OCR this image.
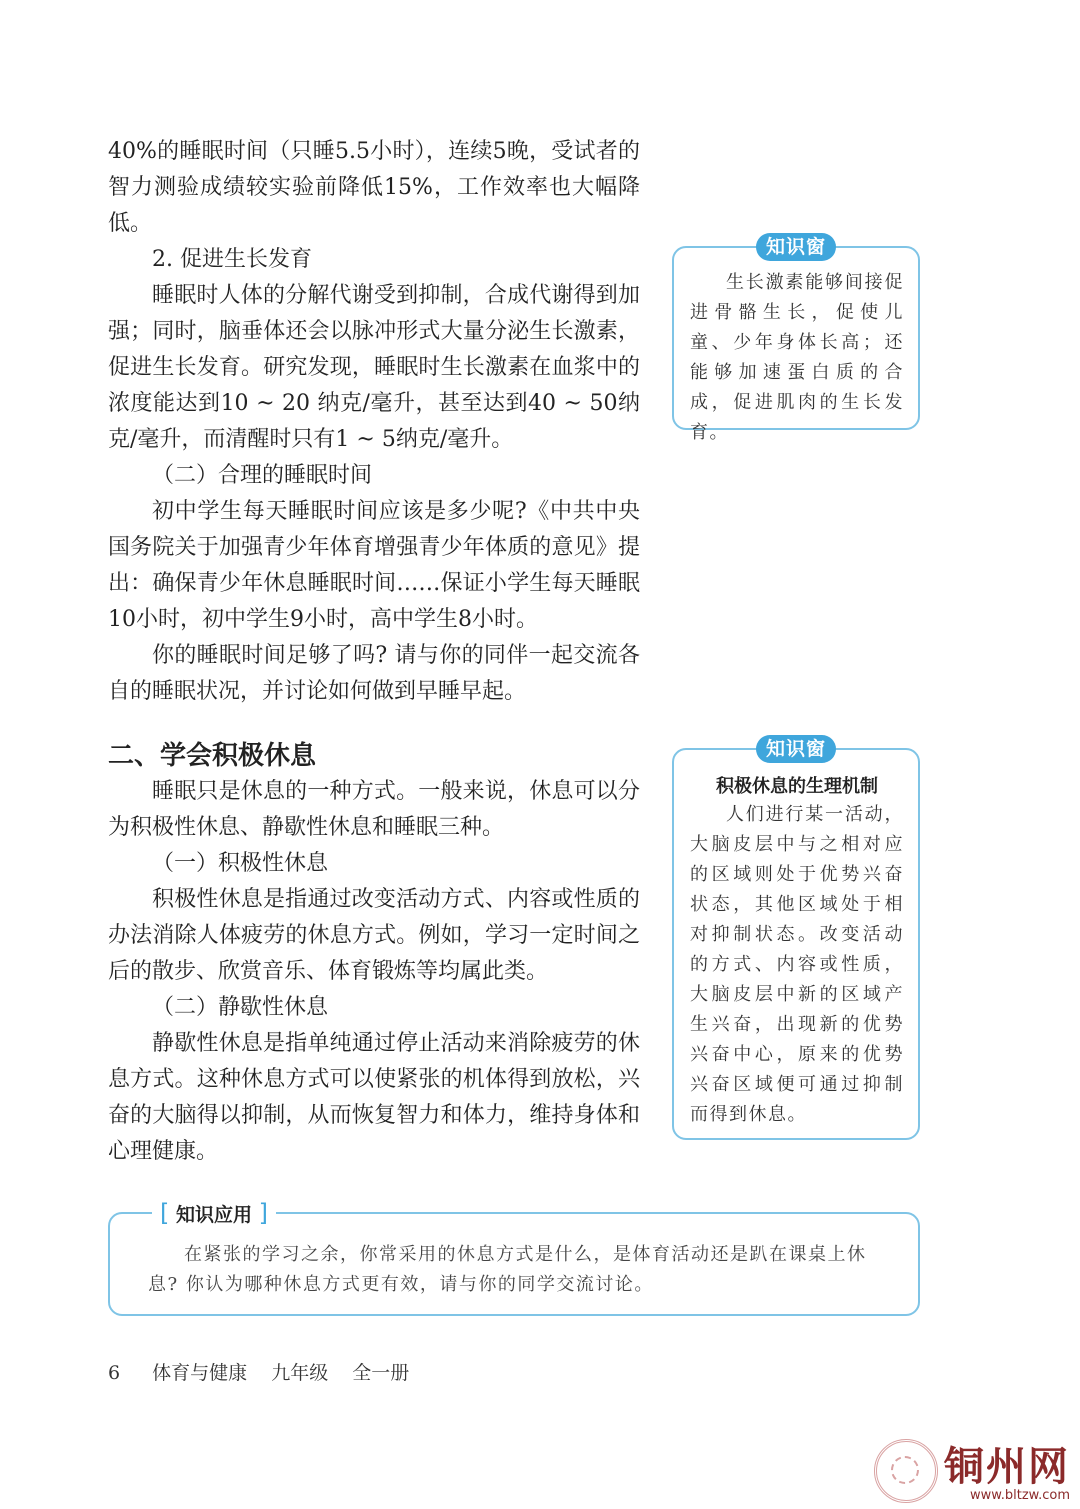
40%的睡眠时间（只睡5.5小时），连续5晚，受试者的智力测验成绩较实验前降低15%，工作效率也大幅降低。

2. 促进生长发育

睡眠时人体的分解代谢受到抑制，合成代谢得到加强；同时，脑垂体还会以脉冲形式大量分泌生长激素，促进生长发育。研究发现，睡眠时生长激素在血浆中的浓度能达到10 ~ 20 纳克/毫升，甚至达到40 ~ 50纳克/毫升，而清醒时只有1 ~ 5纳克/毫升。

（二）合理的睡眠时间

初中学生每天睡眠时间应该是多少呢?《中共中央国务院关于加强青少年体育增强青少年体质的意见》提出：确保青少年休息睡眠时间……保证小学生每天睡眠10小时，初中学生9小时，高中学生8小时。

你的睡眠时间足够了吗? 请与你的同伴一起交流各自的睡眠状况，并讨论如何做到早睡早起。

二、学会积极休息

睡眠只是休息的一种方式。一般来说，休息可以分为积极性休息、静歇性休息和睡眠三种。

（一）积极性休息

积极性休息是指通过改变活动方式、内容或性质的办法消除人体疲劳的休息方式。例如，学习一定时间之后的散步、欣赏音乐、体育锻炼等均属此类。

（二）静歇性休息

静歇性休息是指单纯通过停止活动来消除疲劳的休息方式。这种休息方式可以使紧张的机体得到放松，兴奋的大脑得以抑制，从而恢复智力和体力，维持身体和心理健康。

知识窗

生长激素能够间接促进骨骼生长，促使儿童、少年身体长高；还能够加速蛋白质的合成，促进肌肉的生长发育。

知识窗

积极休息的生理机制

人们进行某一活动，大脑皮层中与之相对应的区域则处于优势兴奋状态，其他区域处于相对抑制状态。改变活动的方式、内容或性质，大脑皮层中新的区域产生兴奋，出现新的优势兴奋中心，原来的优势兴奋区域便可通过抑制而得到休息。

[ 知识应用 ]

在紧张的学习之余，你常采用的休息方式是什么，是体育活动还是趴在课桌上休息? 你认为哪种休息方式更有效，请与你的同学交流讨论。

6 体育与健康 九年级 全一册
铜州网
www.bltzw.com
